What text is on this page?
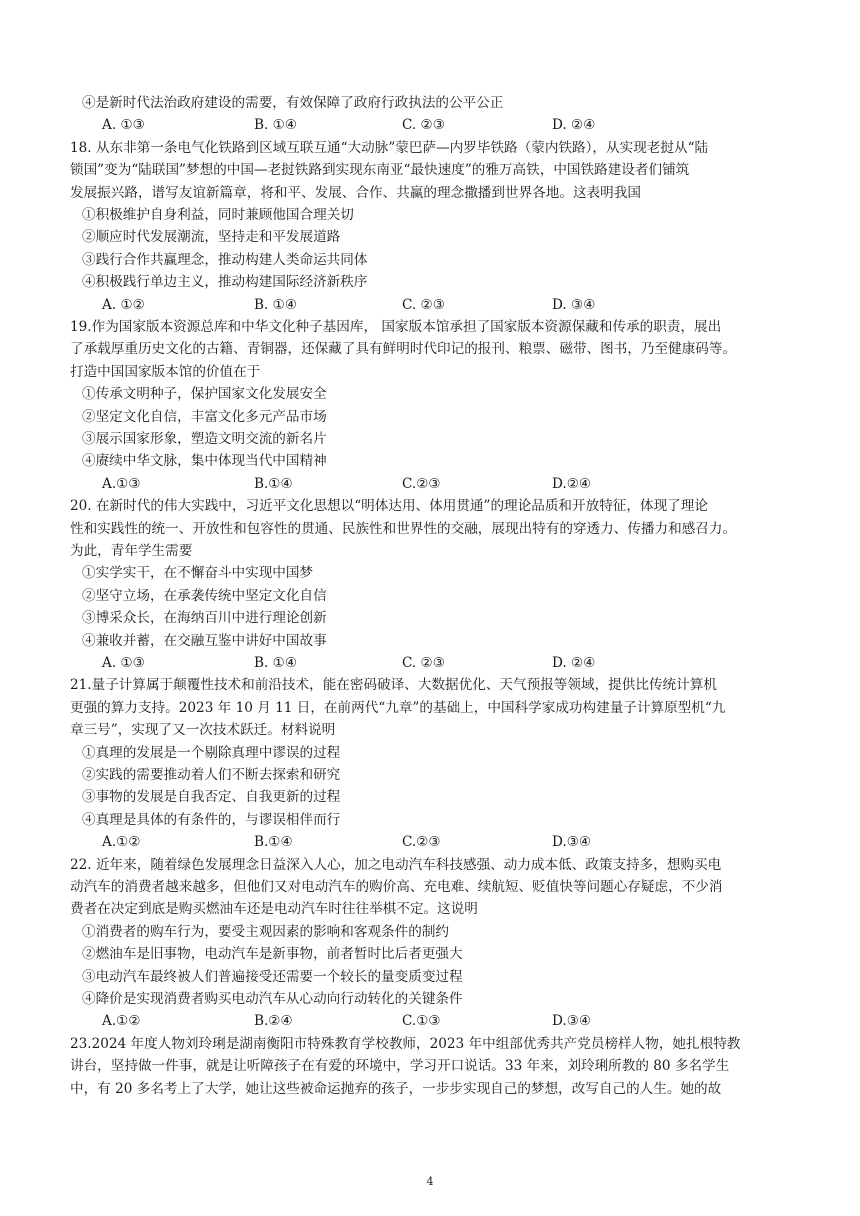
④是新时代法治政府建设的需要，有效保障了政府行政执法的公平公正
A. ①③	B. ①④	C. ②③	D. ②④
18. 从东非第一条电气化铁路到区域互联互通“大动脉”蒙巴萨—内罗毕铁路（蒙内铁路），从实现老挝从“陆
锁国”变为“陆联国”梦想的中国—老挝铁路到实现东南亚“最快速度”的雅万高铁，中国铁路建设者们铺筑
发展振兴路，谱写友谊新篇章，将和平、发展、合作、共赢的理念撒播到世界各地。这表明我国
①积极维护自身利益，同时兼顾他国合理关切
②顺应时代发展潮流，坚持走和平发展道路
③践行合作共赢理念，推动构建人类命运共同体
④积极践行单边主义，推动构建国际经济新秩序
A. ①②	B. ①④	C. ②③	D. ③④
19.作为国家版本资源总库和中华文化种子基因库， 国家版本馆承担了国家版本资源保藏和传承的职责，展出
了承载厚重历史文化的古籍、青铜器，还保藏了具有鲜明时代印记的报刊、粮票、磁带、图书，乃至健康码等。
打造中国国家版本馆的价值在于
①传承文明种子，保护国家文化发展安全
②坚定文化自信，丰富文化多元产品市场
③展示国家形象，塑造文明交流的新名片
④赓续中华文脉，集中体现当代中国精神
A.①③	B.①④	C.②③	D.②④
20. 在新时代的伟大实践中，习近平文化思想以“明体达用、体用贯通”的理论品质和开放特征，体现了理论
性和实践性的统一、开放性和包容性的贯通、民族性和世界性的交融，展现出特有的穿透力、传播力和感召力。
为此，青年学生需要
①实学实干，在不懈奋斗中实现中国梦
②坚守立场，在承袭传统中坚定文化自信
③博采众长，在海纳百川中进行理论创新
④兼收并蓄，在交融互鉴中讲好中国故事
A. ①③	B. ①④	C. ②③	D. ②④
21.量子计算属于颠覆性技术和前沿技术，能在密码破译、大数据优化、天气预报等领域，提供比传统计算机
更强的算力支持。2023 年 10 月 11 日，在前两代“九章”的基础上，中国科学家成功构建量子计算原型机“九
章三号”，实现了又一次技术跃迁。材料说明
①真理的发展是一个剔除真理中谬误的过程
②实践的需要推动着人们不断去探索和研究
③事物的发展是自我否定、自我更新的过程
④真理是具体的有条件的，与谬误相伴而行
A.①②	B.①④	C.②③	D.③④
22. 近年来，随着绿色发展理念日益深入人心，加之电动汽车科技感强、动力成本低、政策支持多，想购买电
动汽车的消费者越来越多，但他们又对电动汽车的购价高、充电难、续航短、贬值快等问题心存疑虑，不少消
费者在决定到底是购买燃油车还是电动汽车时往往举棋不定。这说明
①消费者的购车行为，要受主观因素的影响和客观条件的制约
②燃油车是旧事物，电动汽车是新事物，前者暂时比后者更强大
③电动汽车最终被人们普遍接受还需要一个较长的量变质变过程
④降价是实现消费者购买电动汽车从心动向行动转化的关键条件
A.①②	B.②④	C.①③	D.③④
23.2024 年度人物刘玲琍是湖南衡阳市特殊教育学校教师，2023 年中组部优秀共产党员榜样人物，她扎根特教
讲台，坚持做一件事，就是让听障孩子在有爱的环境中，学习开口说话。33 年来，刘玲琍所教的 80 多名学生
中，有 20 多名考上了大学，她让这些被命运抛弃的孩子，一步步实现自己的梦想，改写自己的人生。她的故
4
